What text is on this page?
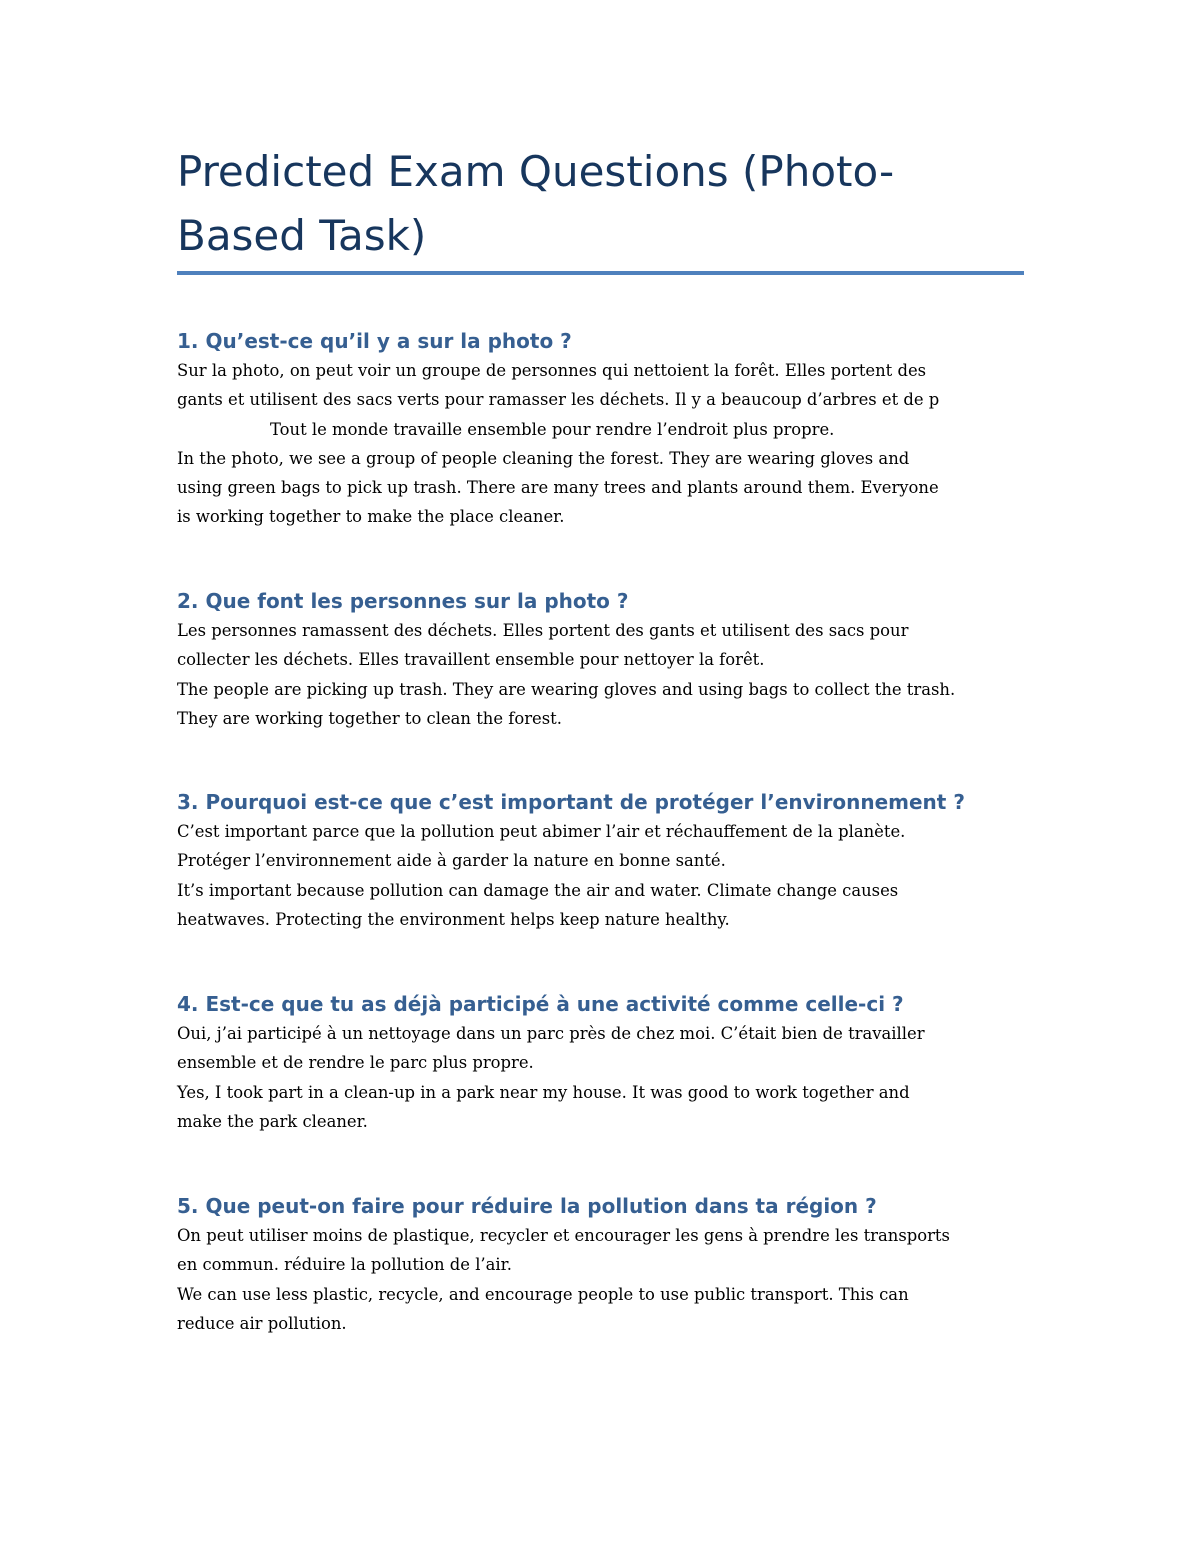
Predicted Exam Questions (Photo-
Based Task)
1. Qu’est-ce qu’il y a sur la photo ?

Sur la photo, on peut voir un groupe de personnes qui nettoient la forêt. Elles portent des

gants et utilisent des sacs verts pour ramasser les déchets. Il y a beaucoup d’arbres et de p

Tout le monde travaille ensemble pour rendre l’endroit plus propre.

In the photo, we see a group of people cleaning the forest. They are wearing gloves and

using green bags to pick up trash. There are many trees and plants around them. Everyone

is working together to make the place cleaner.

2. Que font les personnes sur la photo ?

Les personnes ramassent des déchets. Elles portent des gants et utilisent des sacs pour

collecter les déchets. Elles travaillent ensemble pour nettoyer la forêt.

The people are picking up trash. They are wearing gloves and using bags to collect the trash.

They are working together to clean the forest.

3. Pourquoi est-ce que c’est important de protéger l’environnement ?

C’est important parce que la pollution peut abimer l’air et réchauffement de la planète.

Protéger l’environnement aide à garder la nature en bonne santé.

It’s important because pollution can damage the air and water. Climate change causes

heatwaves. Protecting the environment helps keep nature healthy.

4. Est-ce que tu as déjà participé à une activité comme celle-ci ?

Oui, j’ai participé à un nettoyage dans un parc près de chez moi. C’était bien de travailler

ensemble et de rendre le parc plus propre.

Yes, I took part in a clean-up in a park near my house. It was good to work together and

make the park cleaner.

5. Que peut-on faire pour réduire la pollution dans ta région ?

On peut utiliser moins de plastique, recycler et encourager les gens à prendre les transports

en commun. réduire la pollution de l’air.

We can use less plastic, recycle, and encourage people to use public transport. This can

reduce air pollution.
